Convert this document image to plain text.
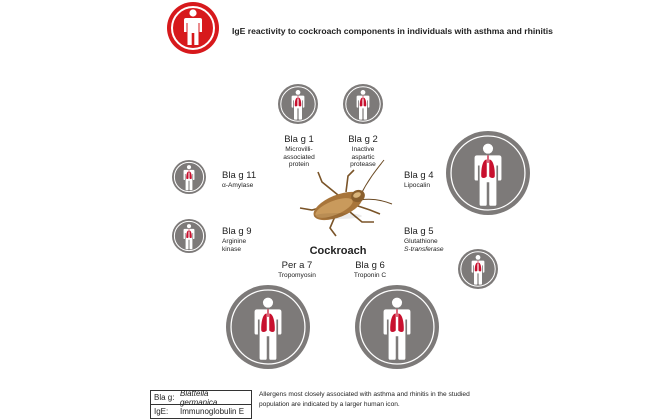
IgE reactivity to cockroach components in individuals with asthma and rhinitis
Cockroach
Bla g 1
Microvilli-
associated
protein
Bla g 2
Inactive
aspartic
protease
Bla g 4
Lipocalin
Bla g 5
Glutathione
S-transferase
Bla g 6
Troponin C
Per a 7
Tropomyosin
Bla g 9
Arginine
kinase
Bla g 11
α-Amylase
Bla g: Blattella germanica
IgE:	Immunoglobulin E
Allergens most closely associated with asthma and rhinitis in the studied population are indicated by a larger human icon.
